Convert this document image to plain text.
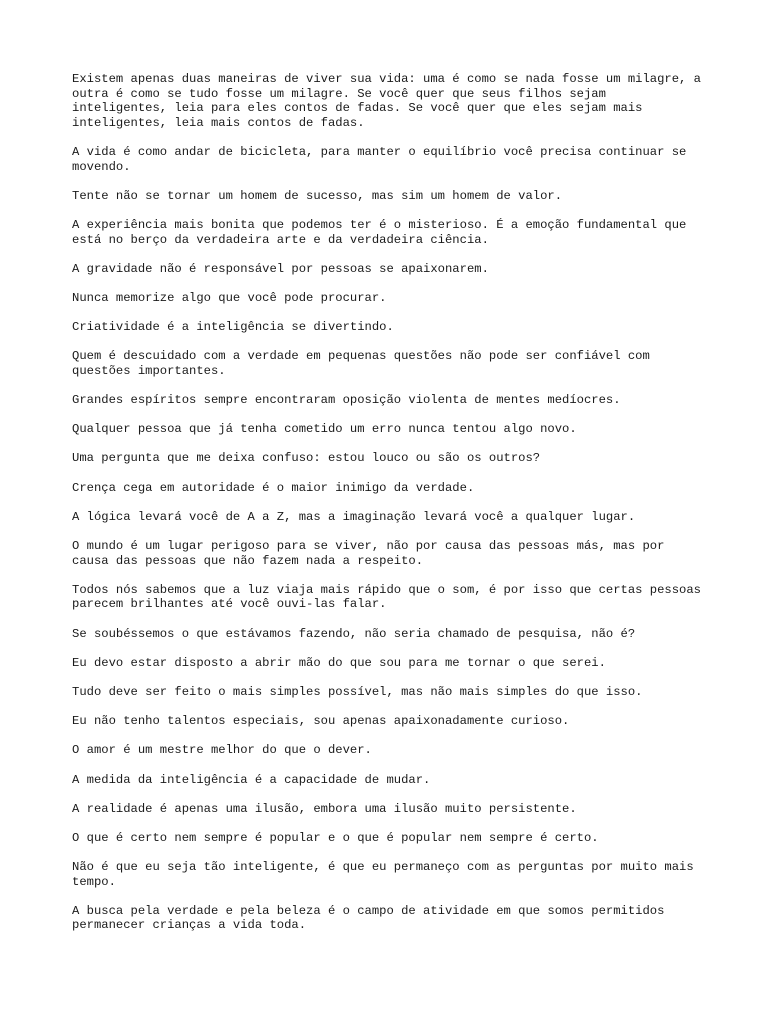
Existem apenas duas maneiras de viver sua vida: uma é como se nada fosse um milagre, a outra é como se tudo fosse um milagre. Se você quer que seus filhos sejam inteligentes, leia para eles contos de fadas. Se você quer que eles sejam mais inteligentes, leia mais contos de fadas.

A vida é como andar de bicicleta, para manter o equilíbrio você precisa continuar se movendo.

Tente não se tornar um homem de sucesso, mas sim um homem de valor.

A experiência mais bonita que podemos ter é o misterioso. É a emoção fundamental que está no berço da verdadeira arte e da verdadeira ciência.

A gravidade não é responsável por pessoas se apaixonarem.

Nunca memorize algo que você pode procurar.

Criatividade é a inteligência se divertindo.

Quem é descuidado com a verdade em pequenas questões não pode ser confiável com questões importantes.

Grandes espíritos sempre encontraram oposição violenta de mentes medíocres.

Qualquer pessoa que já tenha cometido um erro nunca tentou algo novo.

Uma pergunta que me deixa confuso: estou louco ou são os outros?

Crença cega em autoridade é o maior inimigo da verdade.

A lógica levará você de A a Z, mas a imaginação levará você a qualquer lugar.

O mundo é um lugar perigoso para se viver, não por causa das pessoas más, mas por causa das pessoas que não fazem nada a respeito.

Todos nós sabemos que a luz viaja mais rápido que o som, é por isso que certas pessoas parecem brilhantes até você ouvi-las falar.

Se soubéssemos o que estávamos fazendo, não seria chamado de pesquisa, não é?

Eu devo estar disposto a abrir mão do que sou para me tornar o que serei.

Tudo deve ser feito o mais simples possível, mas não mais simples do que isso.

Eu não tenho talentos especiais, sou apenas apaixonadamente curioso.

O amor é um mestre melhor do que o dever.

A medida da inteligência é a capacidade de mudar.

A realidade é apenas uma ilusão, embora uma ilusão muito persistente.

O que é certo nem sempre é popular e o que é popular nem sempre é certo.

Não é que eu seja tão inteligente, é que eu permaneço com as perguntas por muito mais tempo.

A busca pela verdade e pela beleza é o campo de atividade em que somos permitidos permanecer crianças a vida toda.
